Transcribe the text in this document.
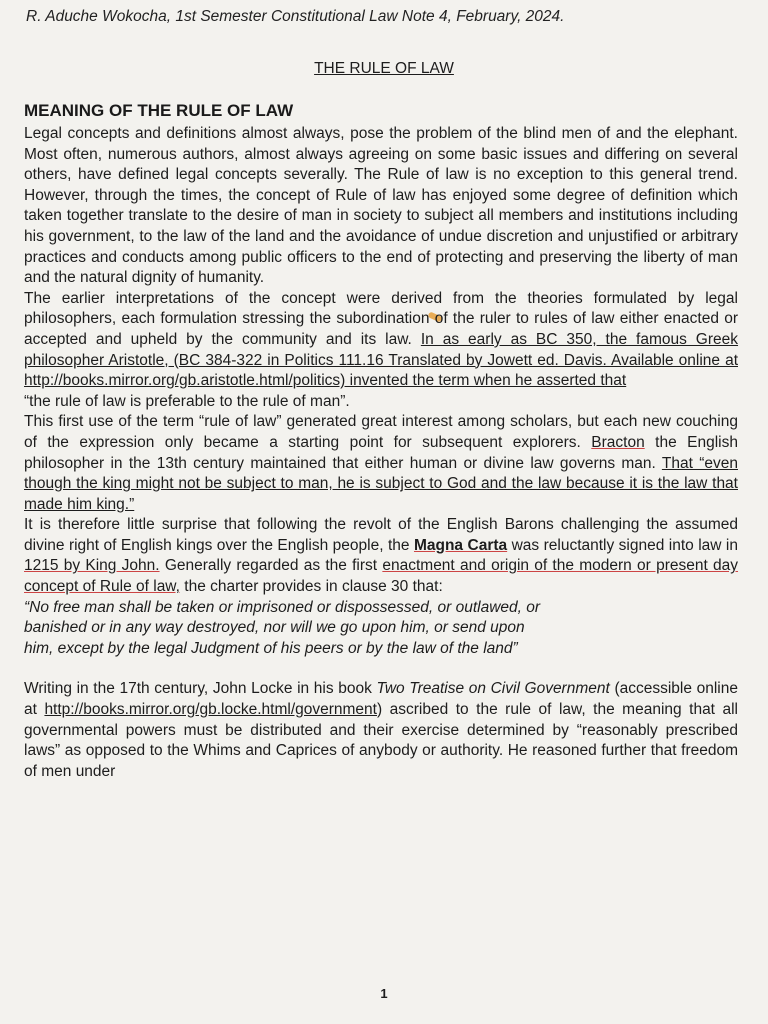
R. Aduche Wokocha, 1st Semester Constitutional Law Note 4, February, 2024.
THE RULE OF LAW
MEANING OF THE RULE OF LAW

Legal concepts and definitions almost always, pose the problem of the blind men of and the elephant. Most often, numerous authors, almost always agreeing on some basic issues and differing on several others, have defined legal concepts severally. The Rule of law is no exception to this general trend. However, through the times, the concept of Rule of law has enjoyed some degree of definition which taken together translate to the desire of man in society to subject all members and institutions including his government, to the law of the land and the avoidance of undue discretion and unjustified or arbitrary practices and conducts among public officers to the end of protecting and preserving the liberty of man and the natural dignity of humanity.

The earlier interpretations of the concept were derived from the theories formulated by legal philosophers, each formulation stressing the subordination of the ruler to rules of law either enacted or accepted and upheld by the community and its law. In as early as BC 350, the famous Greek philosopher Aristotle, (BC 384-322 in Politics 111.16 Translated by Jowett ed. Davis. Available online at http://books.mirror.org/gb.aristotle.html/politics) invented the term when he asserted that

“the rule of law is preferable to the rule of man”.

This first use of the term “rule of law” generated great interest among scholars, but each new couching of the expression only became a starting point for subsequent explorers. Bracton the English philosopher in the 13th century maintained that either human or divine law governs man. That “even though the king might not be subject to man, he is subject to God and the law because it is the law that made him king.”

It is therefore little surprise that following the revolt of the English Barons challenging the assumed divine right of English kings over the English people, the Magna Carta was reluctantly signed into law in 1215 by King John. Generally regarded as the first enactment and origin of the modern or present day concept of Rule of law, the charter provides in clause 30 that:

“No free man shall be taken or imprisoned or dispossessed, or outlawed, or banished or in any way destroyed, nor will we go upon him, or send upon him, except by the legal Judgment of his peers or by the law of the land”

Writing in the 17th century, John Locke in his book Two Treatise on Civil Government (accessible online at http://books.mirror.org/gb.locke.html/government) ascribed to the rule of law, the meaning that all governmental powers must be distributed and their exercise determined by “reasonably prescribed laws” as opposed to the Whims and Caprices of anybody or authority. He reasoned further that freedom of men under

1
